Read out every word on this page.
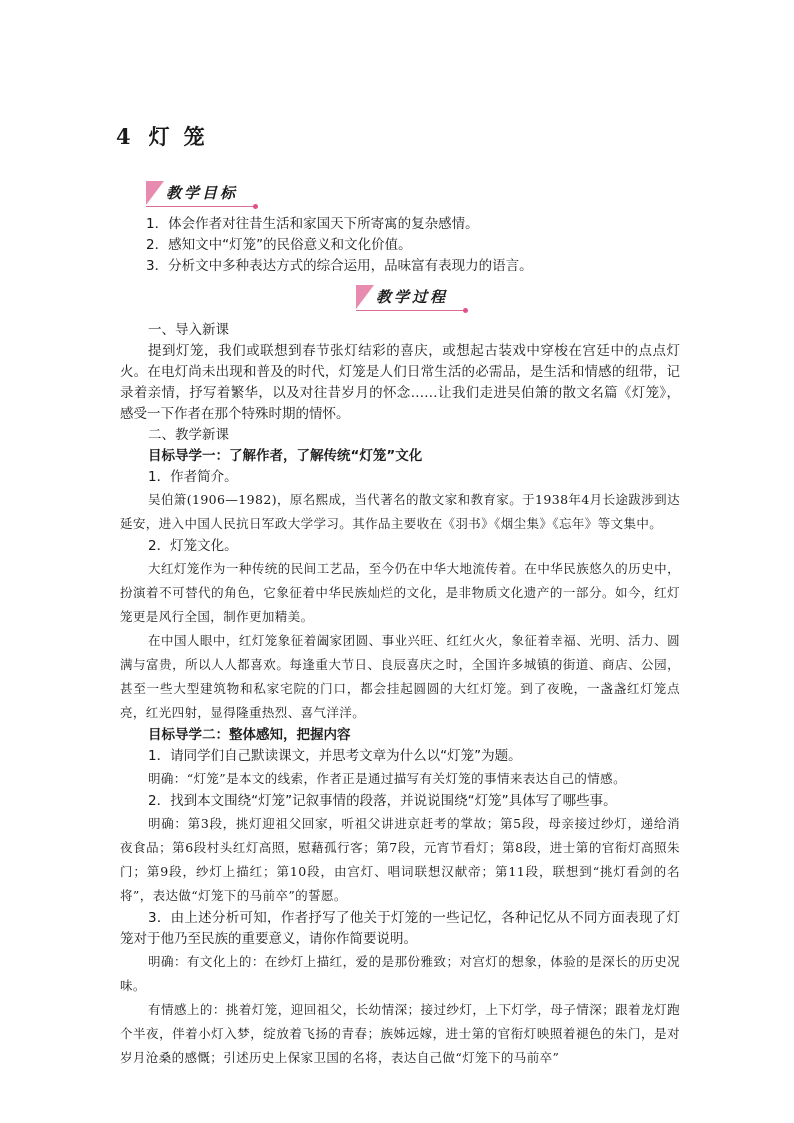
4 灯笼
教学目标
1．体会作者对往昔生活和家国天下所寄寓的复杂感情。
2．感知文中“灯笼”的民俗意义和文化价值。
3．分析文中多种表达方式的综合运用，品味富有表现力的语言。
教学过程

一、导入新课

提到灯笼，我们或联想到春节张灯结彩的喜庆，或想起古装戏中穿梭在宫廷中的点点灯火。在电灯尚未出现和普及的时代，灯笼是人们日常生活的必需品，是生活和情感的纽带，记录着亲情，抒写着繁华，以及对往昔岁月的怀念……让我们走进吴伯箫的散文名篇《灯笼》，感受一下作者在那个特殊时期的情怀。

二、教学新课

目标导学一：了解作者，了解传统“灯笼”文化

1．作者简介。

吴伯箫(1906—1982)，原名熙成，当代著名的散文家和教育家。于1938年4月长途跋涉到达延安，进入中国人民抗日军政大学学习。其作品主要收在《羽书》《烟尘集》《忘年》等文集中。

2．灯笼文化。

大红灯笼作为一种传统的民间工艺品，至今仍在中华大地流传着。在中华民族悠久的历史中，扮演着不可替代的角色，它象征着中华民族灿烂的文化，是非物质文化遗产的一部分。如今，红灯笼更是风行全国，制作更加精美。

在中国人眼中，红灯笼象征着阖家团圆、事业兴旺、红红火火，象征着幸福、光明、活力、圆满与富贵，所以人人都喜欢。每逢重大节日、良辰喜庆之时，全国许多城镇的街道、商店、公园，甚至一些大型建筑物和私家宅院的门口，都会挂起圆圆的大红灯笼。到了夜晚，一盏盏红灯笼点亮，红光四射，显得隆重热烈、喜气洋洋。

目标导学二：整体感知，把握内容

1．请同学们自己默读课文，并思考文章为什么以“灯笼”为题。

明确：“灯笼”是本文的线索，作者正是通过描写有关灯笼的事情来表达自己的情感。

2．找到本文围绕“灯笼”记叙事情的段落，并说说围绕“灯笼”具体写了哪些事。

明确：第3段，挑灯迎祖父回家，听祖父讲进京赶考的掌故；第5段，母亲接过纱灯，递给消夜食品；第6段村头红灯高照，慰藉孤行客；第7段，元宵节看灯；第8段，进士第的官衔灯高照朱门；第9段，纱灯上描红；第10段，由宫灯、唱词联想汉献帝；第11段，联想到“挑灯看剑的名将”，表达做“灯笼下的马前卒”的誓愿。

3．由上述分析可知，作者抒写了他关于灯笼的一些记忆，各种记忆从不同方面表现了灯笼对于他乃至民族的重要意义，请你作简要说明。

明确：有文化上的：在纱灯上描红，爱的是那份雅致；对宫灯的想象，体验的是深长的历史况味。

有情感上的：挑着灯笼，迎回祖父，长幼情深；接过纱灯，上下灯学，母子情深；跟着龙灯跑个半夜，伴着小灯入梦，绽放着飞扬的青春；族姊远嫁，进士第的官衔灯映照着褪色的朱门，是对岁月沧桑的感慨；引述历史上保家卫国的名将，表达自己做“灯笼下的马前卒”
